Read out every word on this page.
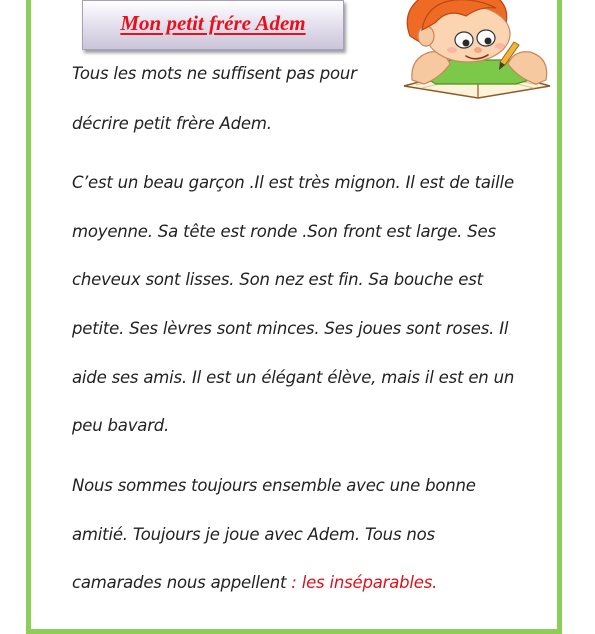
Mon petit frére Adem

Tous les mots ne suffisent pas pour

décrire petit frère Adem.

C’est un beau garçon .Il est très mignon. Il est de taille

moyenne. Sa tête est ronde .Son front est large. Ses

cheveux sont lisses. Son nez est fin. Sa bouche est

petite. Ses lèvres sont minces. Ses joues sont roses. Il

aide ses amis. Il est un élégant élève, mais il est en un

peu bavard.

Nous sommes toujours ensemble avec une bonne

amitié. Toujours je joue avec Adem. Tous nos

camarades nous appellent : les inséparables.
